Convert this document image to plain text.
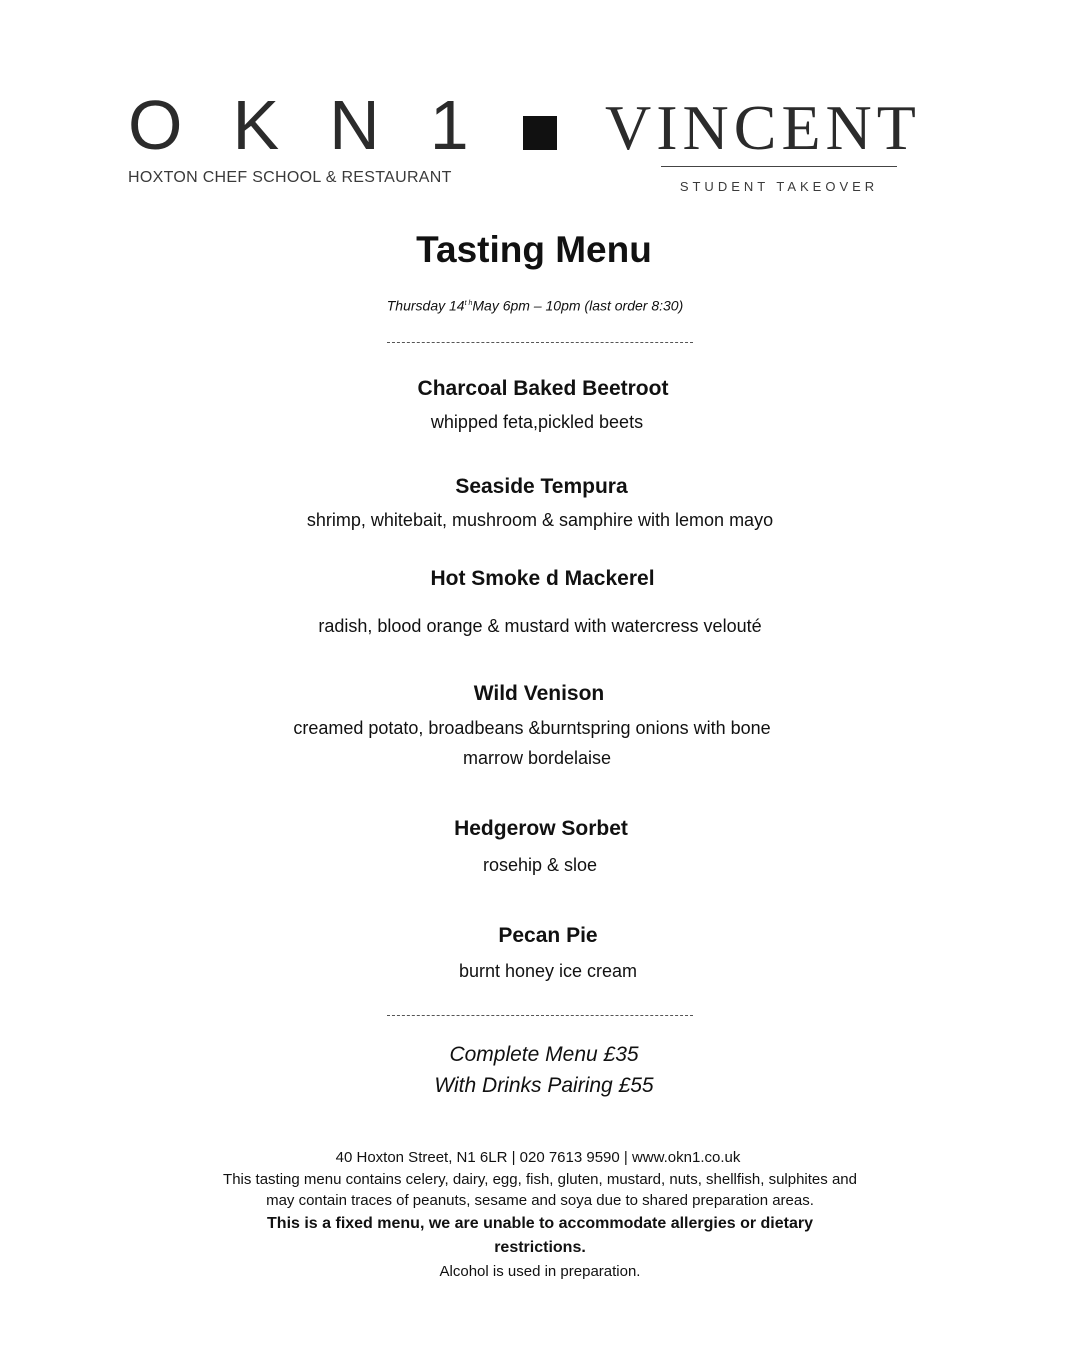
OKN1
HOXTON CHEF SCHOOL & RESTAURANT
VINCENT
STUDENT TAKEOVER
Tasting Menu
Thursday $14^{t h}May$ 6pm – 10pm (last order 8:30)
Charcoal Baked Beetroot
whipped feta,pickled beets
Seaside Tempura
shrimp, whitebait, mushroom & samphire with lemon mayo
Hot Smoke d Mackerel
radish, blood orange & mustard with watercress velouté
Wild Venison
creamed potato, broadbeans &burntspring onions with bone
marrow bordelaise
Hedgerow Sorbet
rosehip & sloe
Pecan Pie
burnt honey ice cream
Complete Menu £35
With Drinks Pairing £55
40 Hoxton Street, N1 6LR | 020 7613 9590 | www.okn1.co.uk
This tasting menu contains celery, dairy, egg, fish, gluten, mustard, nuts, shellfish, sulphites and
may contain traces of peanuts, sesame and soya due to shared preparation areas.
This is a fixed menu, we are unable to accommodate allergies or dietary restrictions.
Alcohol is used in preparation.
